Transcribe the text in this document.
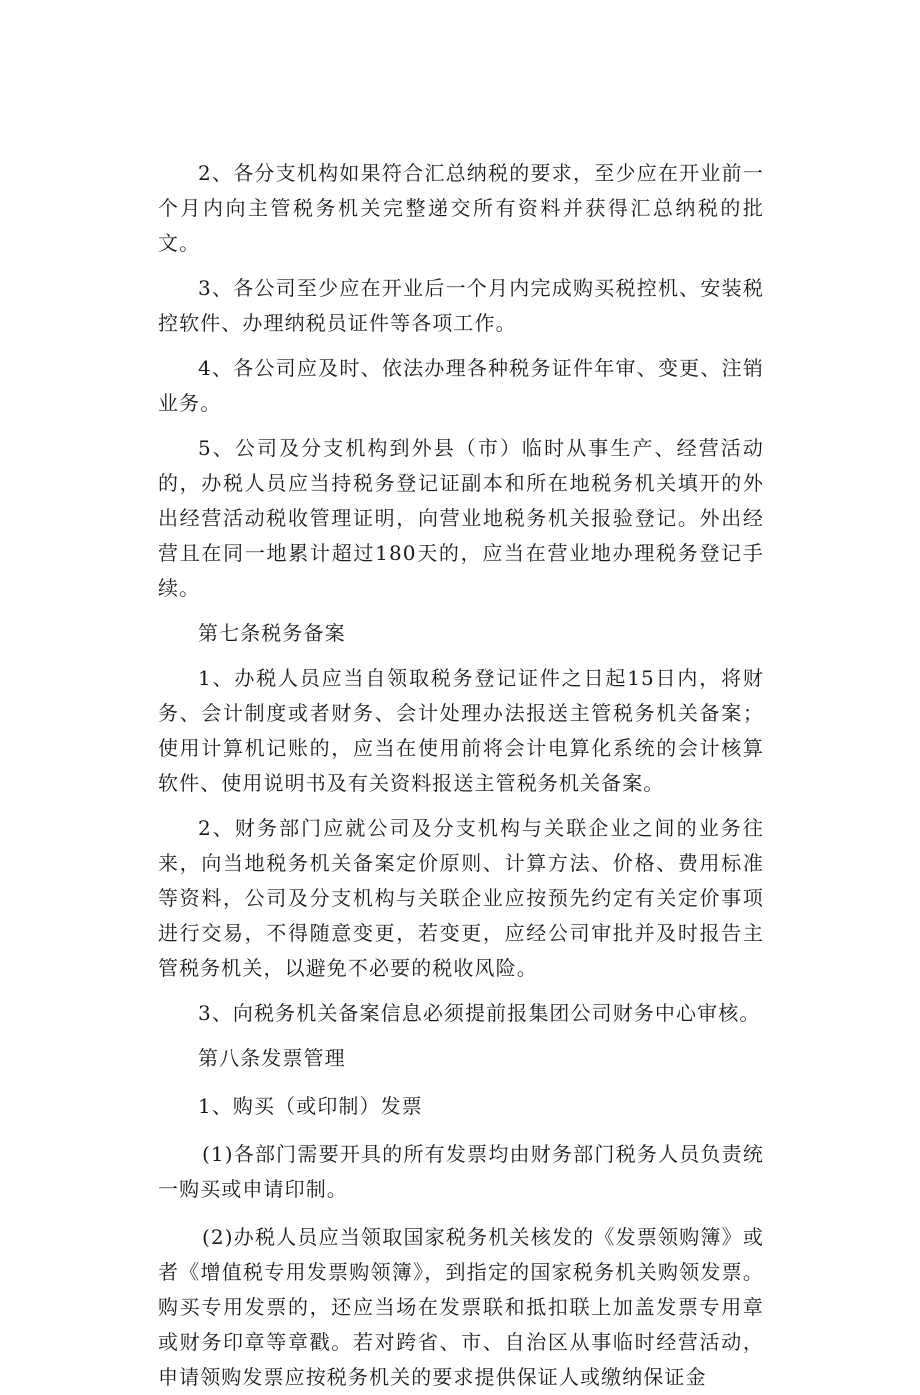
2、各分支机构如果符合汇总纳税的要求，至少应在开业前一个月内向主管税务机关完整递交所有资料并获得汇总纳税的批文。

3、各公司至少应在开业后一个月内完成购买税控机、安装税控软件、办理纳税员证件等各项工作。

4、各公司应及时、依法办理各种税务证件年审、变更、注销业务。

5、公司及分支机构到外县（市）临时从事生产、经营活动的，办税人员应当持税务登记证副本和所在地税务机关填开的外出经营活动税收管理证明，向营业地税务机关报验登记。外出经营且在同一地累计超过180天的，应当在营业地办理税务登记手续。

第七条税务备案

1、办税人员应当自领取税务登记证件之日起15日内，将财务、会计制度或者财务、会计处理办法报送主管税务机关备案；使用计算机记账的，应当在使用前将会计电算化系统的会计核算软件、使用说明书及有关资料报送主管税务机关备案。

2、财务部门应就公司及分支机构与关联企业之间的业务往来，向当地税务机关备案定价原则、计算方法、价格、费用标准等资料，公司及分支机构与关联企业应按预先约定有关定价事项进行交易，不得随意变更，若变更，应经公司审批并及时报告主管税务机关，以避免不必要的税收风险。

3、向税务机关备案信息必须提前报集团公司财务中心审核。

第八条发票管理

1、购买（或印制）发票

(1)各部门需要开具的所有发票均由财务部门税务人员负责统一购买或申请印制。

(2)办税人员应当领取国家税务机关核发的《发票领购簿》或者《增值税专用发票购领簿》，到指定的国家税务机关购领发票。购买专用发票的，还应当场在发票联和抵扣联上加盖发票专用章或财务印章等章戳。若对跨省、市、自治区从事临时经营活动，申请领购发票应按税务机关的要求提供保证人或缴纳保证金
